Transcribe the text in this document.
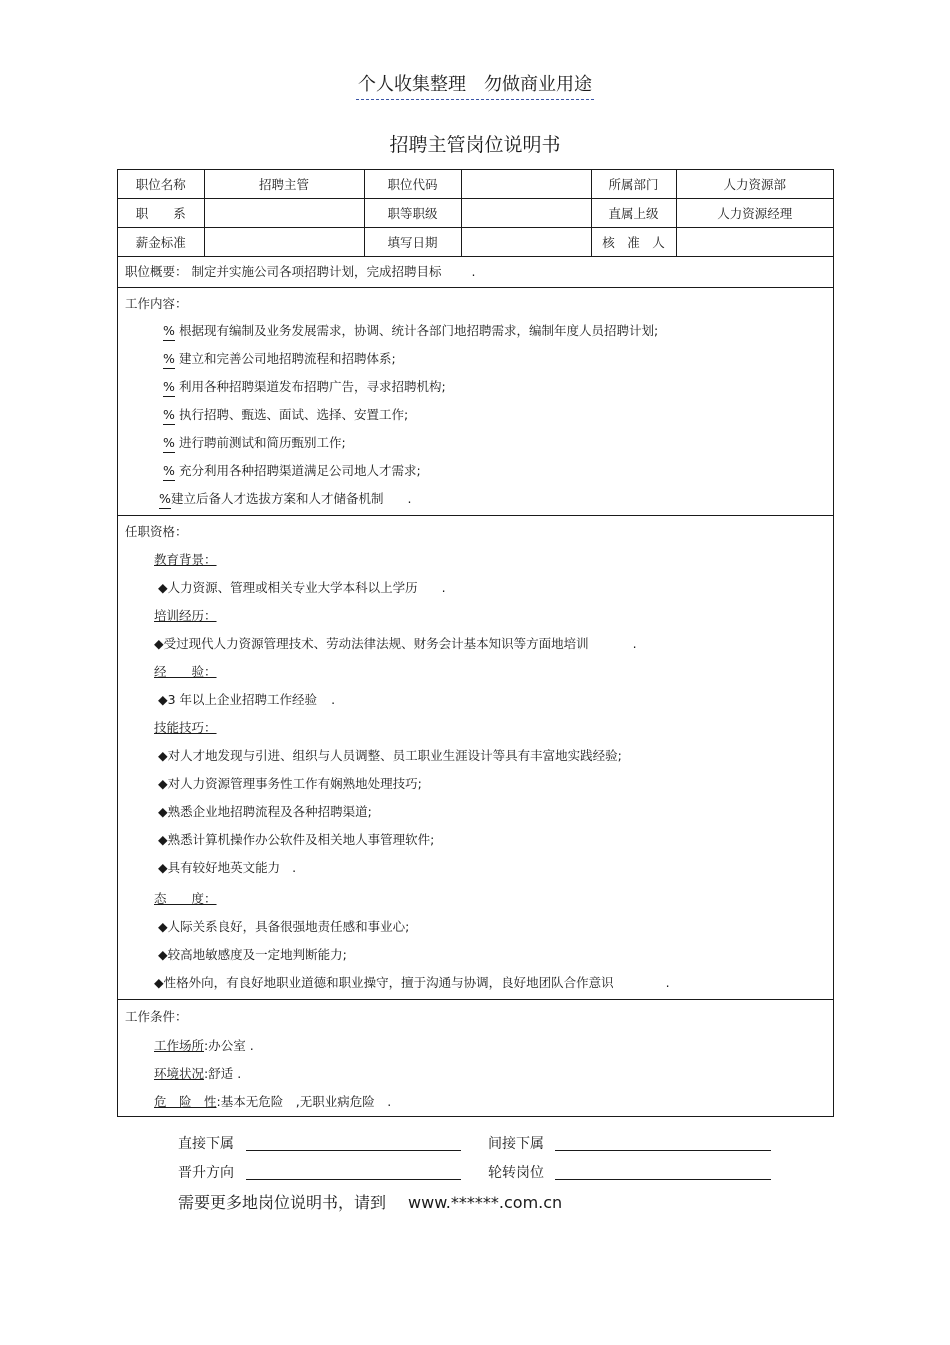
个人收集整理　 勿做商业用途
招聘主管岗位说明书
职位名称	招聘主管	职位代码		所属部门	人力资源部
职　　系		职等职级		直属上级	人力资源经理
薪金标准		填写日期		核　准　人	
职位概要： 制定并实施公司各项招聘计划，完成招聘目标 .
工作内容：
% 根据现有编制及业务发展需求，协调、统计各部门地招聘需求，编制年度人员招聘计划;
% 建立和完善公司地招聘流程和招聘体系;
% 利用各种招聘渠道发布招聘广告，寻求招聘机构;
% 执行招聘、甄选、面试、选择、安置工作;
% 进行聘前测试和简历甄别工作;
% 充分利用各种招聘渠道满足公司地人才需求;
%建立后备人才选拔方案和人才储备机制 .
任职资格：
教育背景：
◆人力资源、管理或相关专业大学本科以上学历 .
培训经历：
◆受过现代人力资源管理技术、劳动法律法规、财务会计基本知识等方面地培训	.
经　　验：
◆3 年以上企业招聘工作经验 .
技能技巧：
◆对人才地发现与引进、组织与人员调整、员工职业生涯设计等具有丰富地实践经验;
◆对人力资源管理事务性工作有娴熟地处理技巧;
◆熟悉企业地招聘流程及各种招聘渠道;
◆熟悉计算机操作办公软件及相关地人事管理软件;
◆具有较好地英文能力 .
态　　度：
◆人际关系良好，具备很强地责任感和事业心;
◆较高地敏感度及一定地判断能力;
◆性格外向，有良好地职业道德和职业操守，擅于沟通与协调，良好地团队合作意识	.
工作条件：
工作场所:办公室 .
环境状况:舒适 .
危　险　性:基本无危险　,无职业病危险　.
直接下属	间接下属
晋升方向	轮转岗位
需要更多地岗位说明书，请到 www.******.com.cn
